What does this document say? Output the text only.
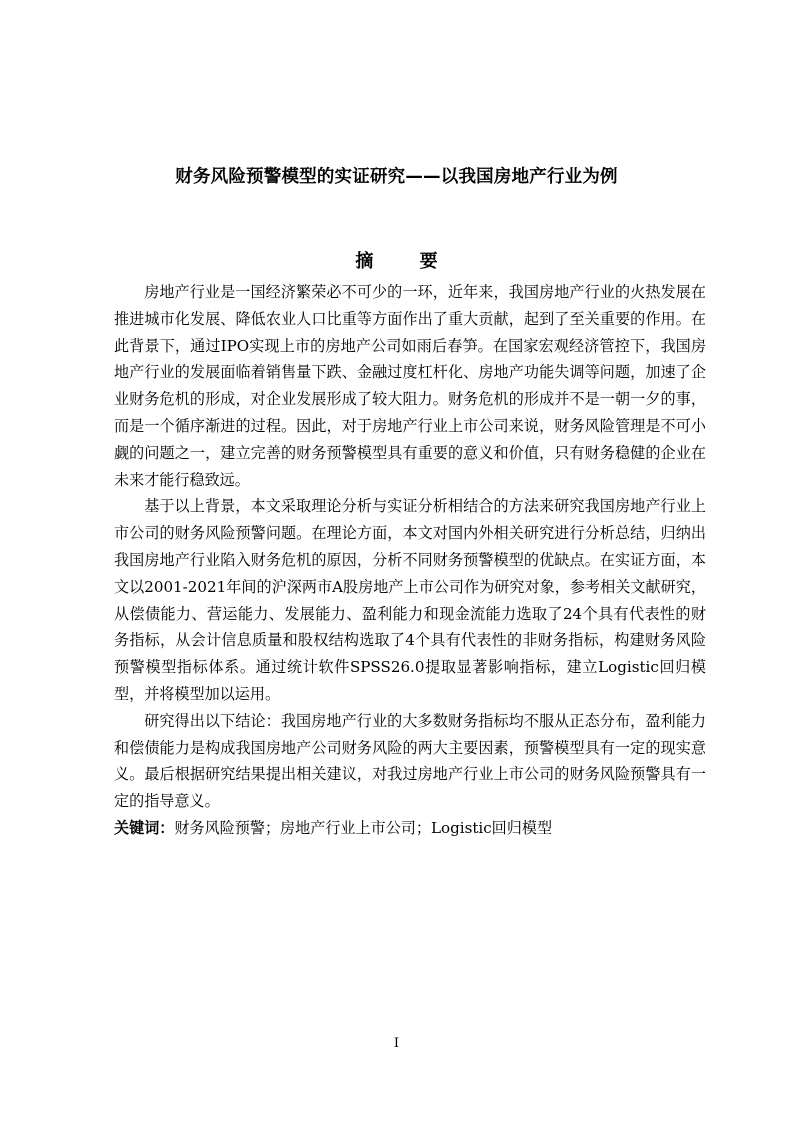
财务风险预警模型的实证研究——以我国房地产行业为例
摘 要

房地产行业是一国经济繁荣必不可少的一环，近年来，我国房地产行业的火热发展在推进城市化发展、降低农业人口比重等方面作出了重大贡献，起到了至关重要的作用。在此背景下，通过IPO实现上市的房地产公司如雨后春笋。在国家宏观经济管控下，我国房地产行业的发展面临着销售量下跌、金融过度杠杆化、房地产功能失调等问题，加速了企业财务危机的形成，对企业发展形成了较大阻力。财务危机的形成并不是一朝一夕的事，而是一个循序渐进的过程。因此，对于房地产行业上市公司来说，财务风险管理是不可小觑的问题之一，建立完善的财务预警模型具有重要的意义和价值，只有财务稳健的企业在未来才能行稳致远。

基于以上背景，本文采取理论分析与实证分析相结合的方法来研究我国房地产行业上市公司的财务风险预警问题。在理论方面，本文对国内外相关研究进行分析总结，归纳出我国房地产行业陷入财务危机的原因，分析不同财务预警模型的优缺点。在实证方面，本文以2001-2021年间的沪深两市A股房地产上市公司作为研究对象，参考相关文献研究，从偿债能力、营运能力、发展能力、盈利能力和现金流能力选取了24个具有代表性的财务指标，从会计信息质量和股权结构选取了4个具有代表性的非财务指标，构建财务风险预警模型指标体系。通过统计软件SPSS26.0提取显著影响指标，建立Logistic回归模型，并将模型加以运用。

研究得出以下结论：我国房地产行业的大多数财务指标均不服从正态分布，盈利能力和偿债能力是构成我国房地产公司财务风险的两大主要因素，预警模型具有一定的现实意义。最后根据研究结果提出相关建议，对我过房地产行业上市公司的财务风险预警具有一定的指导意义。

关键词：财务风险预警；房地产行业上市公司；Logistic回归模型

I
